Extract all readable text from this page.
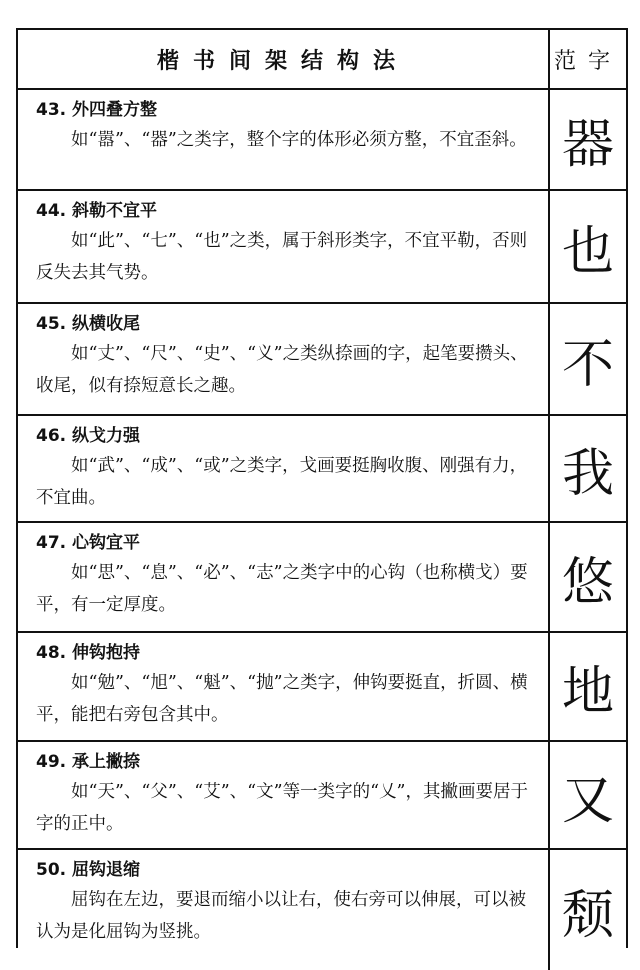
楷书间架结构法	范字
43. 外四叠方整
如“嚣”、“器”之类字，整个字的体形必须方整，不宜歪斜。 器
44. 斜勒不宜平
如“此”、“七”、“也”之类，属于斜形类字，不宜平勒，否则反失去其气势。	也
45. 纵横收尾
如“丈”、“尺”、“史”、“义”之类纵捺画的字，起笔要攒头、收尾，似有捺短意长之趣。	不
46. 纵戈力强
如“武”、“成”、“或”之类字，戈画要挺胸收腹、刚强有力，不宜曲。	我
47. 心钩宜平
如“思”、“息”、“必”、“志”之类字中的心钩（也称横戈）要平，有一定厚度。	悠
48. 伸钩抱持
如“勉”、“旭”、“魁”、“抛”之类字，伸钩要挺直，折圆、横平，能把右旁包含其中。	地
49. 承上撇捺
如“天”、“父”、“艾”、“文”等一类字的“乂”，其撇画要居于字的正中。	又
50. 屈钩退缩
屈钩在左边，要退而缩小以让右，使右旁可以伸展，可以被认为是化屈钩为竖挑。	颓
